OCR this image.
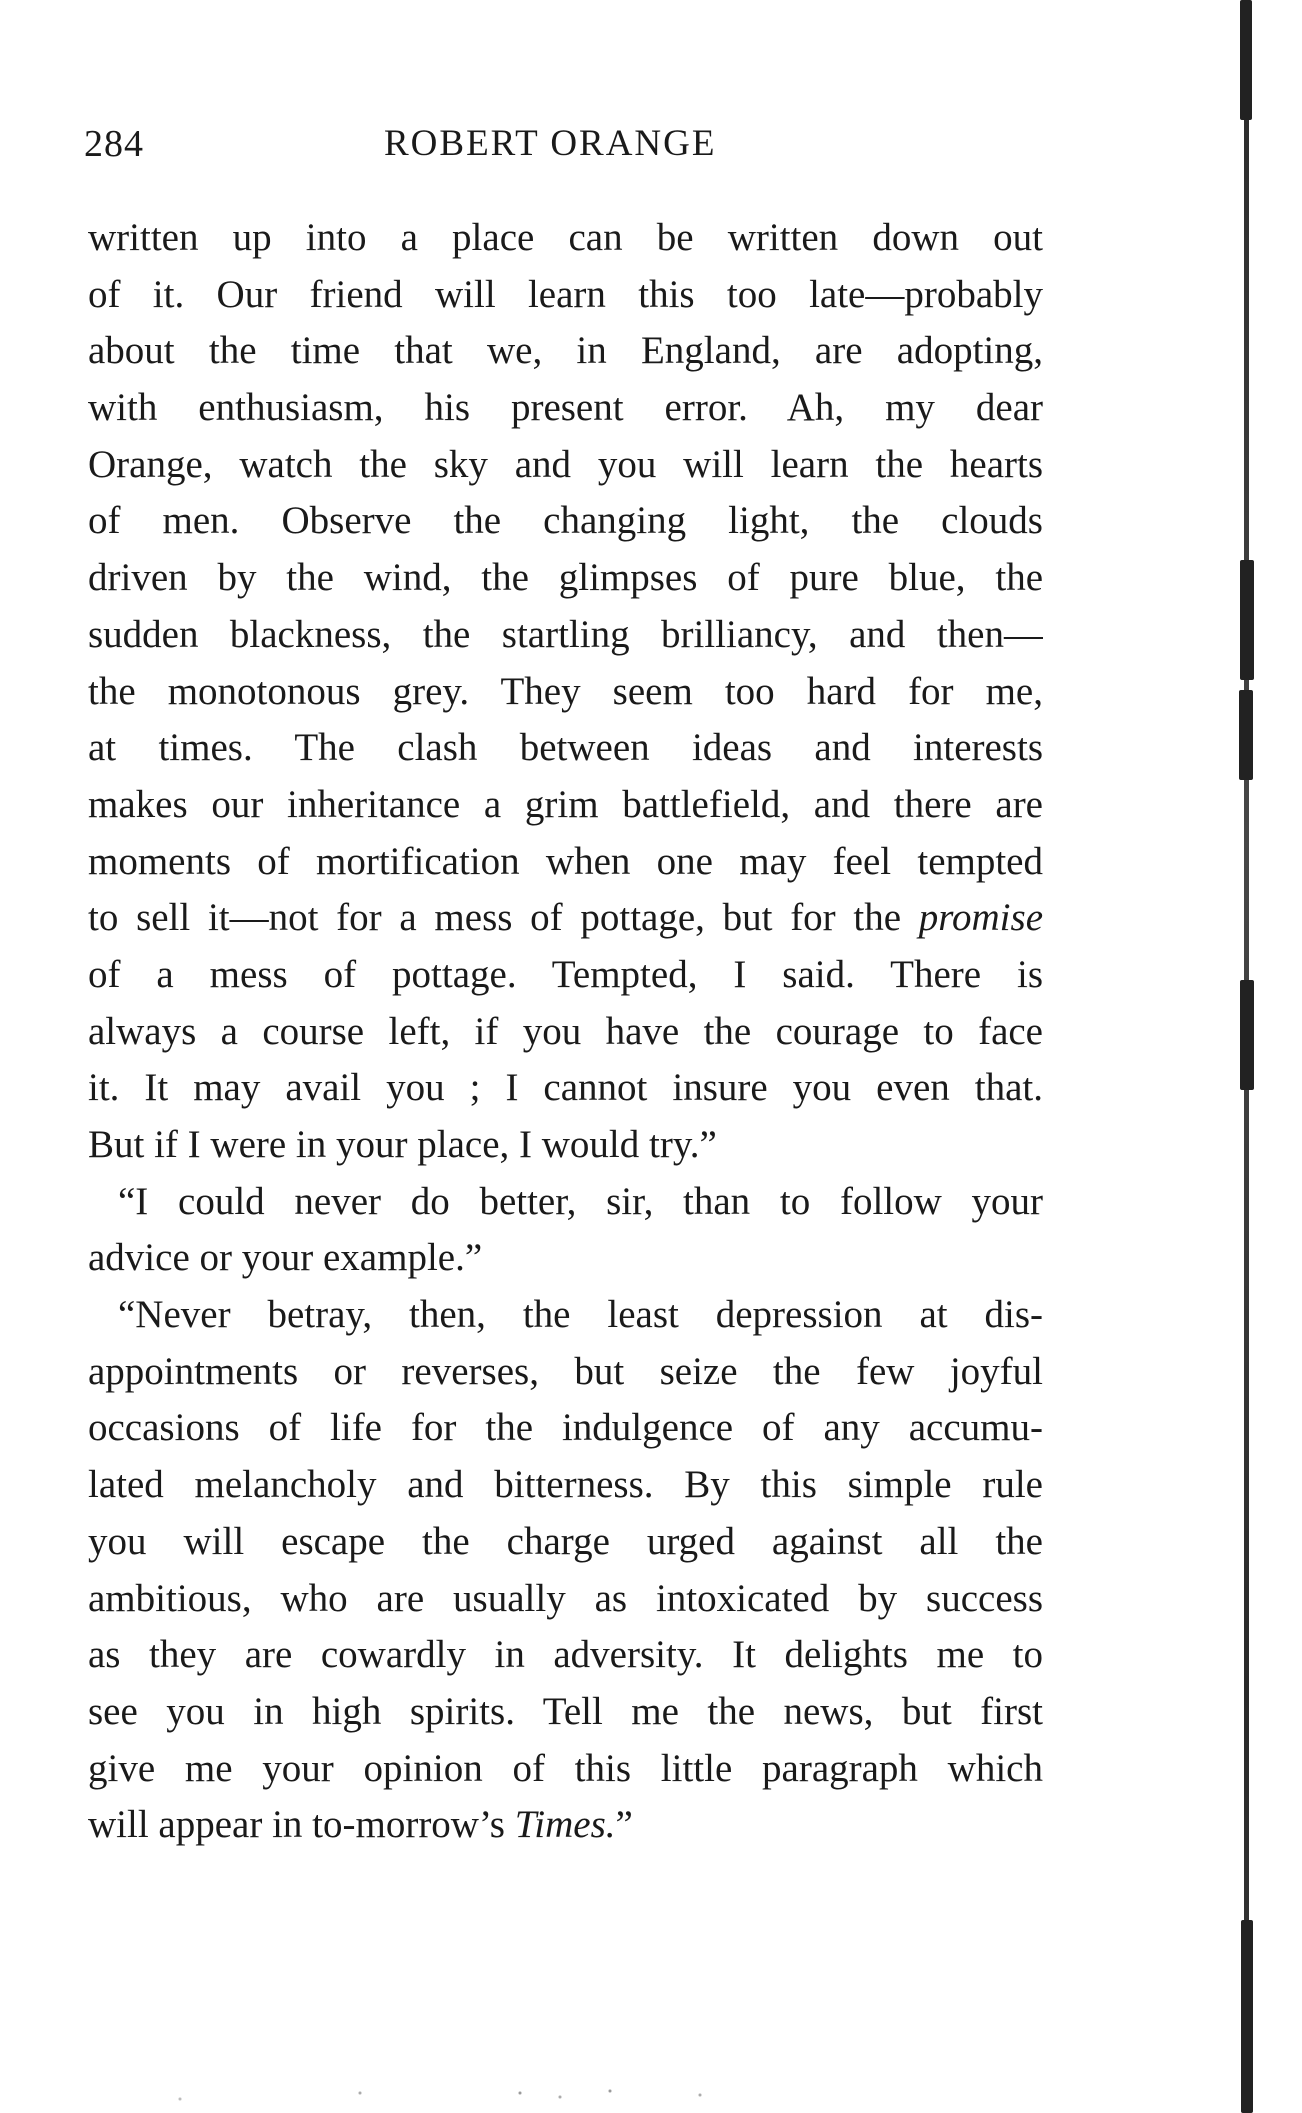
284	ROBERT ORANGE
written up into a place can be written down out
of it. Our friend will learn this too late—probably
about the time that we, in England, are adopting,
with enthusiasm, his present error. Ah, my dear
Orange, watch the sky and you will learn the hearts
of men. Observe the changing light, the clouds
driven by the wind, the glimpses of pure blue, the
sudden blackness, the startling brilliancy, and then—
the monotonous grey. They seem too hard for me,
at times. The clash between ideas and interests
makes our inheritance a grim battlefield, and there are
moments of mortification when one may feel tempted
to sell it—not for a mess of pottage, but for the promise
of a mess of pottage. Tempted, I said. There is
always a course left, if you have the courage to face
it. It may avail you ; I cannot insure you even that.
But if I were in your place, I would try.”
“I could never do better, sir, than to follow your
advice or your example.”
“Never betray, then, the least depression at dis-
appointments or reverses, but seize the few joyful
occasions of life for the indulgence of any accumu-
lated melancholy and bitterness. By this simple rule
you will escape the charge urged against all the
ambitious, who are usually as intoxicated by success
as they are cowardly in adversity. It delights me to
see you in high spirits. Tell me the news, but first
give me your opinion of this little paragraph which
will appear in to-morrow’s Times.”
